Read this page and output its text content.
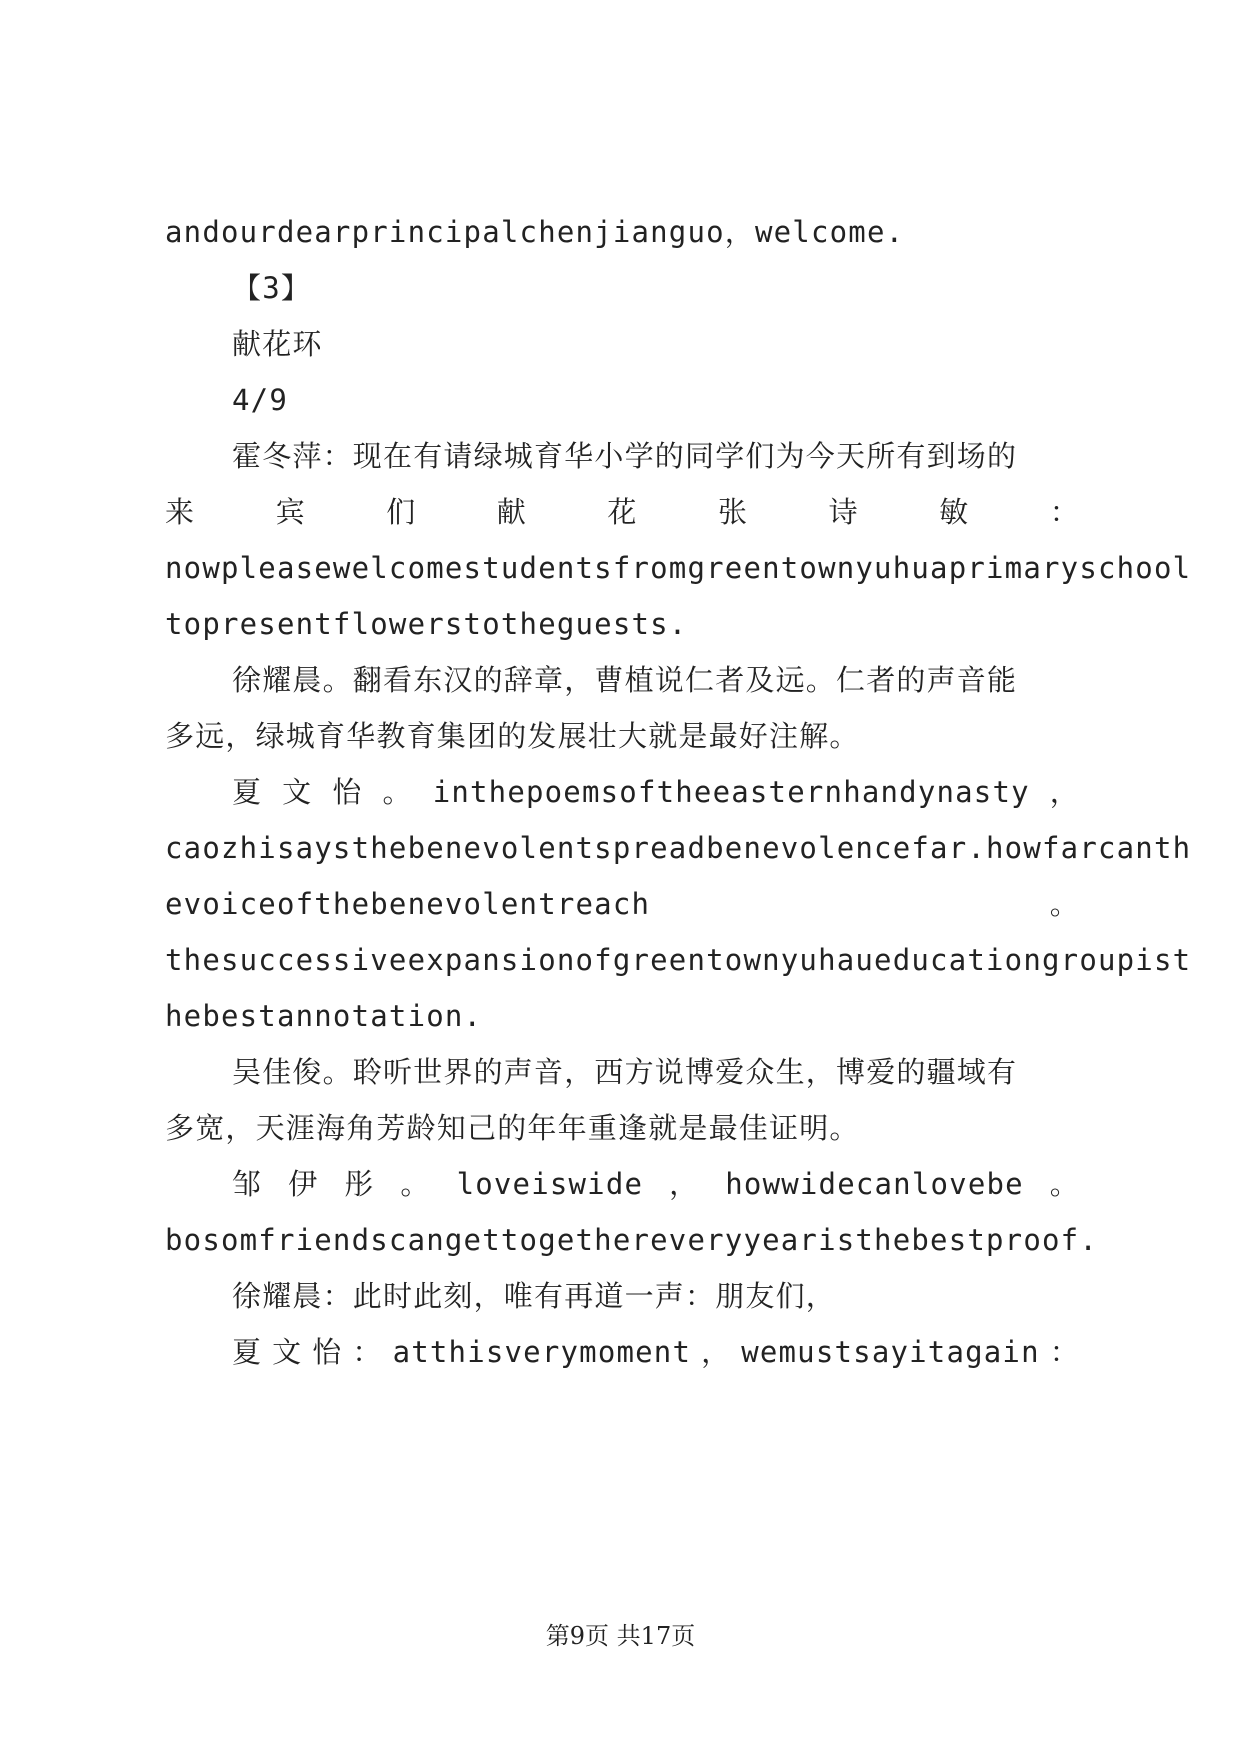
andourdearprincipalchenjianguo，welcome.
【3】
献花环
4/9
霍冬萍：现在有请绿城育华小学的同学们为今天所有到场的
来	宾	们	献	花	张	诗	敏	：
nowpleasewelcomestudentsfromgreentownyuhuaprimaryschool
topresentflowerstotheguests.
徐耀晨。翻看东汉的辞章，曹植说仁者及远。仁者的声音能
多远，绿城育华教育集团的发展壮大就是最好注解。
夏 文 怡 。 inthepoemsoftheeasternhandynasty ，
caozhisaysthebenevolentspreadbenevolencefar.howfarcanth
evoiceofthebenevolentreach	。
thesuccessiveexpansionofgreentownyuhaueducationgroupist
hebestannotation.
吴佳俊。聆听世界的声音，西方说博爱众生，博爱的疆域有
多宽，天涯海角芳龄知己的年年重逢就是最佳证明。
邹 伊 彤 。 loveiswide ， howwidecanlovebe 。
bosomfriendscangettogethereveryyearisthebestproof.
徐耀晨：此时此刻，唯有再道一声：朋友们，
夏 文 怡 ： atthisverymoment ， wemustsayitagain ：
第9页 共17页
